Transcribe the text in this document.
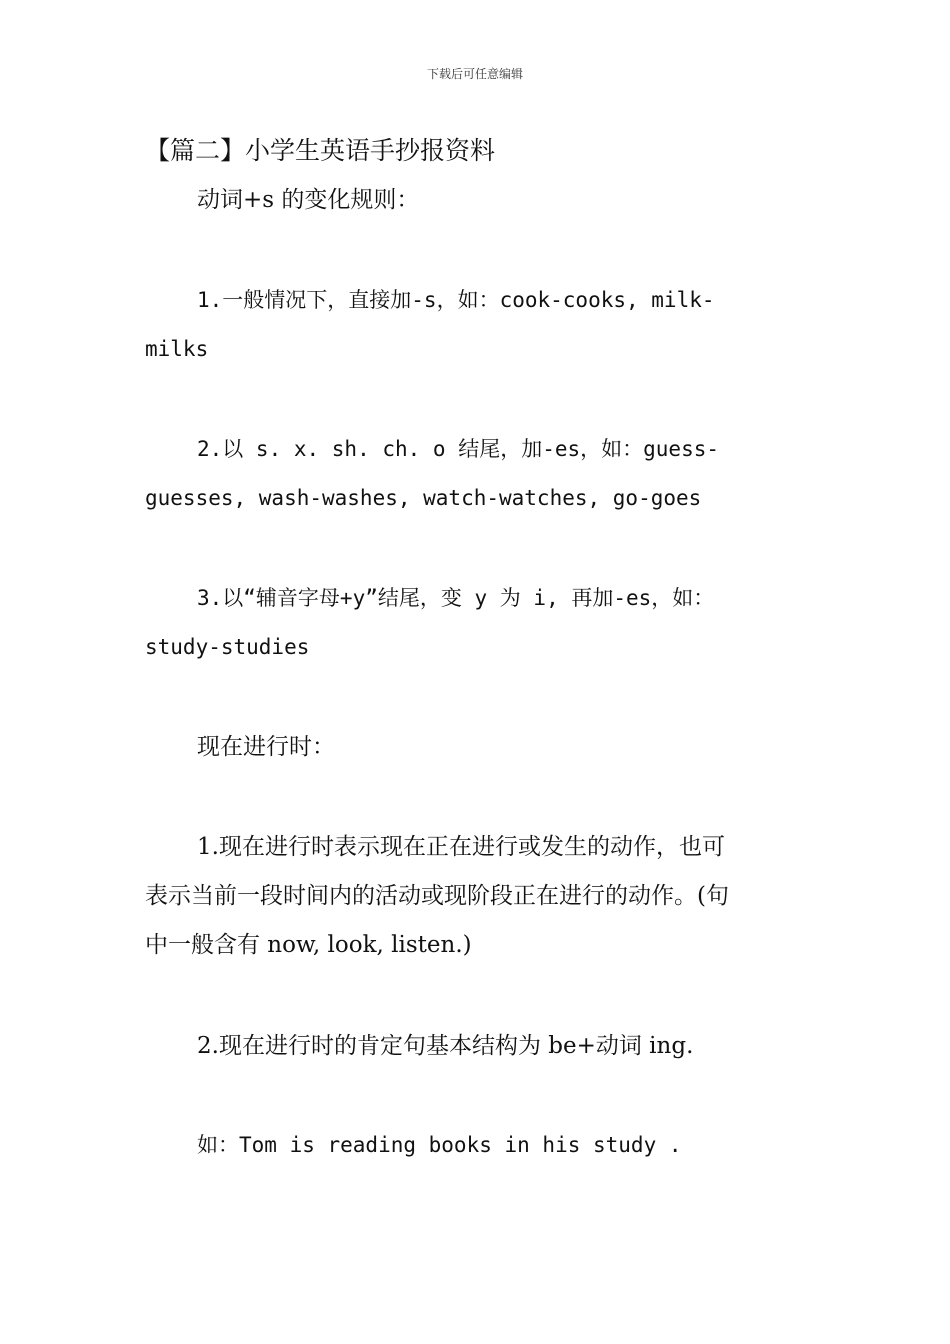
下载后可任意编辑
【篇二】小学生英语手抄报资料
动词+s 的变化规则：
1.一般情况下，直接加-s，如：cook-cooks, milk-
milks
2.以 s. x. sh. ch. o 结尾，加-es，如：guess-
guesses, wash-washes, watch-watches, go-goes
3.以“辅音字母+y”结尾，变 y 为 i, 再加-es，如：
study-studies
现在进行时：
1.现在进行时表示现在正在进行或发生的动作，也可
表示当前一段时间内的活动或现阶段正在进行的动作。(句
中一般含有 now, look, listen.)
2.现在进行时的肯定句基本结构为 be+动词 ing.
如：Tom is reading books in his study .
